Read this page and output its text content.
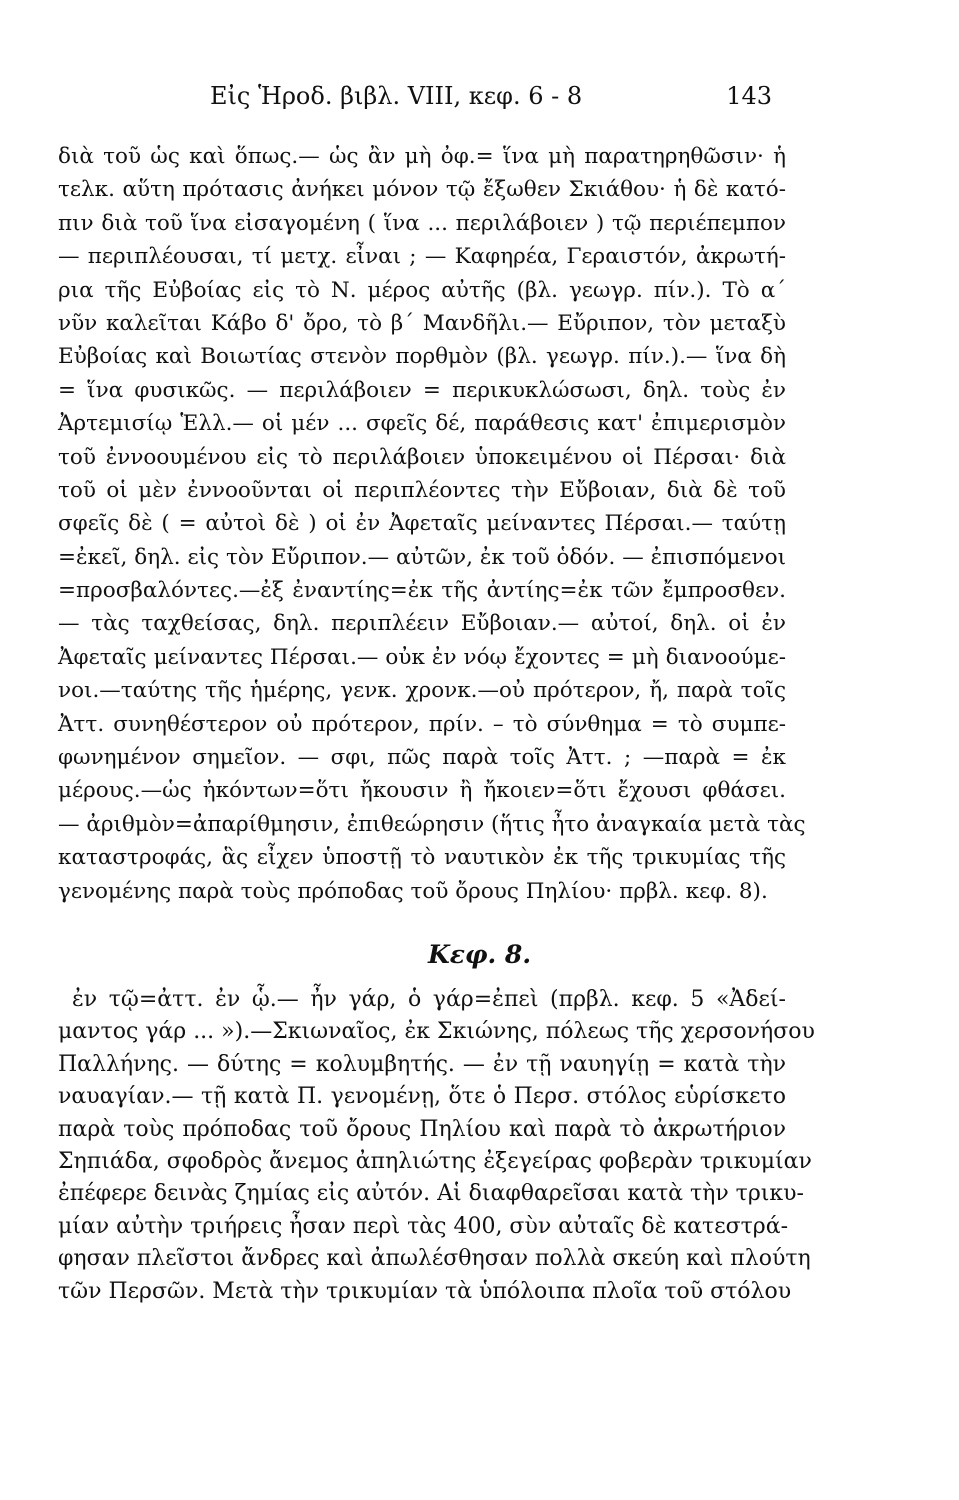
Εἰς Ἡροδ. βιβλ. VIII, κεφ. 6 - 8	143
διὰ τοῦ ὡς καὶ ὅπως.— ὡς ἂν μὴ ὀφ.= ἵνα μὴ παρατηρηθῶσιν· ἡ
τελκ. αὕτη πρότασις ἀνήκει μόνον τῷ ἔξωθεν Σκιάθου· ἡ δὲ κατό-
πιν διὰ τοῦ ἵνα εἰσαγομένη ( ἵνα ... περιλάβοιεν ) τῷ περιέπεμπον
— περιπλέουσαι, τί μετχ. εἶναι ; — Καφηρέα, Γεραιστόν, ἀκρωτή-
ρια τῆς Εὐβοίας εἰς τὸ Ν. μέρος αὐτῆς (βλ. γεωγρ. πίν.). Τὸ α΄
νῦν καλεῖται Κάβο δ' ὄρο, τὸ β΄ Μανδῆλι.— Εὔριπον, τὸν μεταξὺ
Εὐβοίας καὶ Βοιωτίας στενὸν πορθμὸν (βλ. γεωγρ. πίν.).— ἵνα δὴ
= ἵνα φυσικῶς. — περιλάβοιεν = περικυκλώσωσι, δηλ. τοὺς ἐν
Ἀρτεμισίῳ Ἑλλ.— οἱ μέν ... σφεῖς δέ, παράθεσις κατ' ἐπιμερισμὸν
τοῦ ἐννοουμένου εἰς τὸ περιλάβοιεν ὑποκειμένου οἱ Πέρσαι· διὰ
τοῦ οἱ μὲν ἐννοοῦνται οἱ περιπλέοντες τὴν Εὔβοιαν, διὰ δὲ τοῦ
σφεῖς δὲ ( = αὐτοὶ δὲ ) οἱ ἐν Ἀφεταῖς μείναντες Πέρσαι.— ταύτῃ
=ἐκεῖ, δηλ. εἰς τὸν Εὔριπον.— αὐτῶν, ἐκ τοῦ ὁδόν. — ἐπισπόμενοι
=προσβαλόντες.—ἐξ ἐναντίης=ἐκ τῆς ἀντίης=ἐκ τῶν ἔμπροσθεν.
— τὰς ταχθείσας, δηλ. περιπλέειν Εὔβοιαν.— αὐτοί, δηλ. οἱ ἐν
Ἀφεταῖς μείναντες Πέρσαι.— οὐκ ἐν νόῳ ἔχοντες = μὴ διανοούμε-
νοι.—ταύτης τῆς ἡμέρης, γενκ. χρονκ.—οὐ πρότερον, ἤ, παρὰ τοῖς
Ἀττ. συνηθέστερον οὐ πρότερον, πρίν. – τὸ σύνθημα = τὸ συμπε-
φωνημένον σημεῖον. — σφι, πῶς παρὰ τοῖς Ἀττ. ; —παρὰ = ἐκ
μέρους.—ὡς ἠκόντων=ὅτι ἤκουσιν ἢ ἤκοιεν=ὅτι ἔχουσι φθάσει.
— ἀριθμὸν=ἀπαρίθμησιν, ἐπιθεώρησιν (ἥτις ἦτο ἀναγκαία μετὰ τὰς
καταστροφάς, ἃς εἶχεν ὑποστῇ τὸ ναυτικὸν ἐκ τῆς τρικυμίας τῆς
γενομένης παρὰ τοὺς πρόποδας τοῦ ὄρους Πηλίου· πρβλ. κεφ. 8).
Κεφ. 8.
ἐν τῷ=ἀττ. ἐν ᾧ.— ἦν γάρ, ὁ γάρ=ἐπεὶ (πρβλ. κεφ. 5 «Ἀδεί-
μαντος γάρ ... »).—Σκιωναῖος, ἐκ Σκιώνης, πόλεως τῆς χερσονήσου
Παλλήνης. — δύτης = κολυμβητής. — ἐν τῇ ναυηγίῃ = κατὰ τὴν
ναυαγίαν.— τῇ κατὰ Π. γενομένῃ, ὅτε ὁ Περσ. στόλος εὑρίσκετο
παρὰ τοὺς πρόποδας τοῦ ὄρους Πηλίου καὶ παρὰ τὸ ἀκρωτήριον
Σηπιάδα, σφοδρὸς ἄνεμος ἀπηλιώτης ἐξεγείρας φοβερὰν τρικυμίαν
ἐπέφερε δεινὰς ζημίας εἰς αὐτόν. Αἱ διαφθαρεῖσαι κατὰ τὴν τρικυ-
μίαν αὐτὴν τριήρεις ἦσαν περὶ τὰς 400, σὺν αὐταῖς δὲ κατεστρά-
φησαν πλεῖστοι ἄνδρες καὶ ἀπωλέσθησαν πολλὰ σκεύη καὶ πλούτη
τῶν Περσῶν. Μετὰ τὴν τρικυμίαν τὰ ὑπόλοιπα πλοῖα τοῦ στόλου
